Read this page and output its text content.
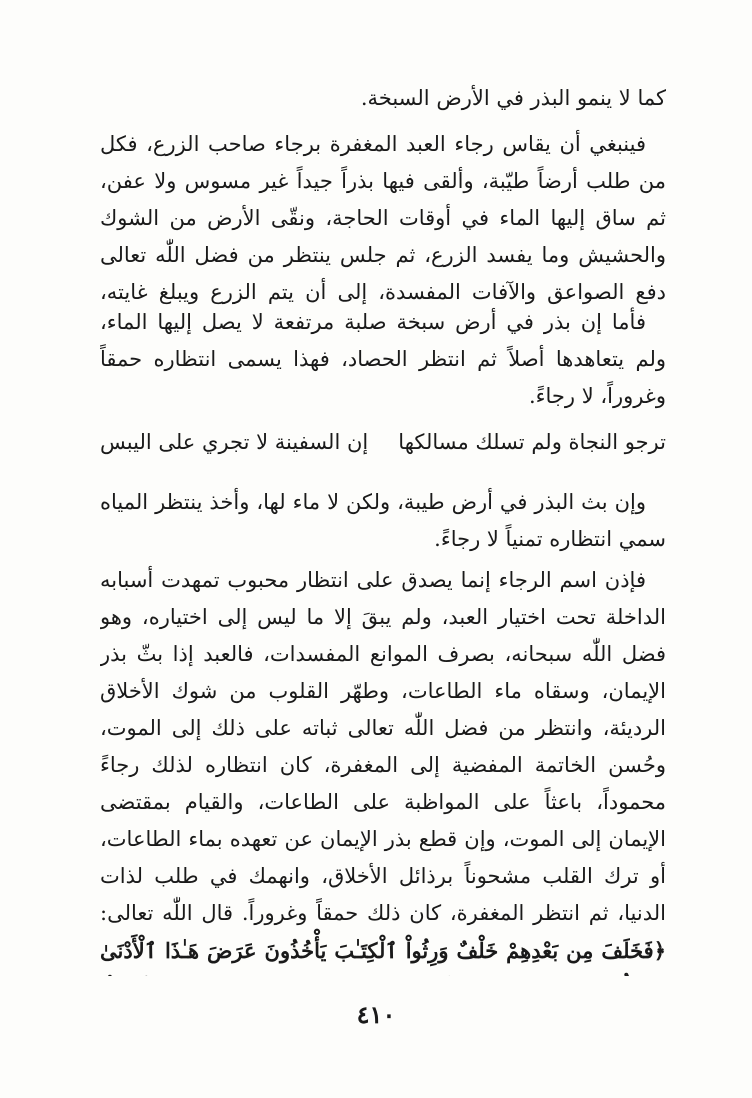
كما لا ينمو البذر في الأرض السبخة.

فينبغي أن يقاس رجاء العبد المغفرة برجاء صاحب الزرع، فكل من طلب أرضاً طيّبة، وألقى فيها بذراً جيداً غير مسوس ولا عفن، ثم ساق إليها الماء في أوقات الحاجة، ونقّى الأرض من الشوك والحشيش وما يفسد الزرع، ثم جلس ينتظر من فضل اللّٰه تعالى دفع الصواعق والآفات المفسدة، إلى أن يتم الزرع ويبلغ غايته،

فأما إن بذر في أرض سبخة صلبة مرتفعة لا يصل إليها الماء، ولم يتعاهدها أصلاً ثم انتظر الحصاد، فهذا يسمى انتظاره حمقاً وغروراً، لا رجاءً.

ترجو النجاة ولم تسلك مسالكها
إن السفينة لا تجري على اليبس

وإن بث البذر في أرض طيبة، ولكن لا ماء لها، وأخذ ينتظر المياه سمي انتظاره تمنياً لا رجاءً.

فإذن اسم الرجاء إنما يصدق على انتظار محبوب تمهدت أسبابه الداخلة تحت اختيار العبد، ولم يبقَ إلا ما ليس إلى اختياره، وهو فضل اللّٰه سبحانه، بصرف الموانع المفسدات، فالعبد إذا بثّ بذر الإيمان، وسقاه ماء الطاعات، وطهّر القلوب من شوك الأخلاق الرديئة، وانتظر من فضل اللّٰه تعالى ثباته على ذلك إلى الموت، وحُسن الخاتمة المفضية إلى المغفرة، كان انتظاره لذلك رجاءً محموداً، باعثاً على المواظبة على الطاعات، والقيام بمقتضى الإيمان إلى الموت، وإن قطع بذر الإيمان عن تعهده بماء الطاعات، أو ترك القلب مشحوناً برذائل الأخلاق، وانهمك في طلب لذات الدنيا، ثم انتظر المغفرة، كان ذلك حمقاً وغروراً. قال اللّٰه تعالى: ﴿فَخَلَفَ مِن بَعْدِهِمْ خَلْفٌ وَرِثُواْ ٱلْكِتَـٰبَ يَأْخُذُونَ عَرَضَ هَـٰذَا ٱلْأَدْنَىٰ

٤١٠
